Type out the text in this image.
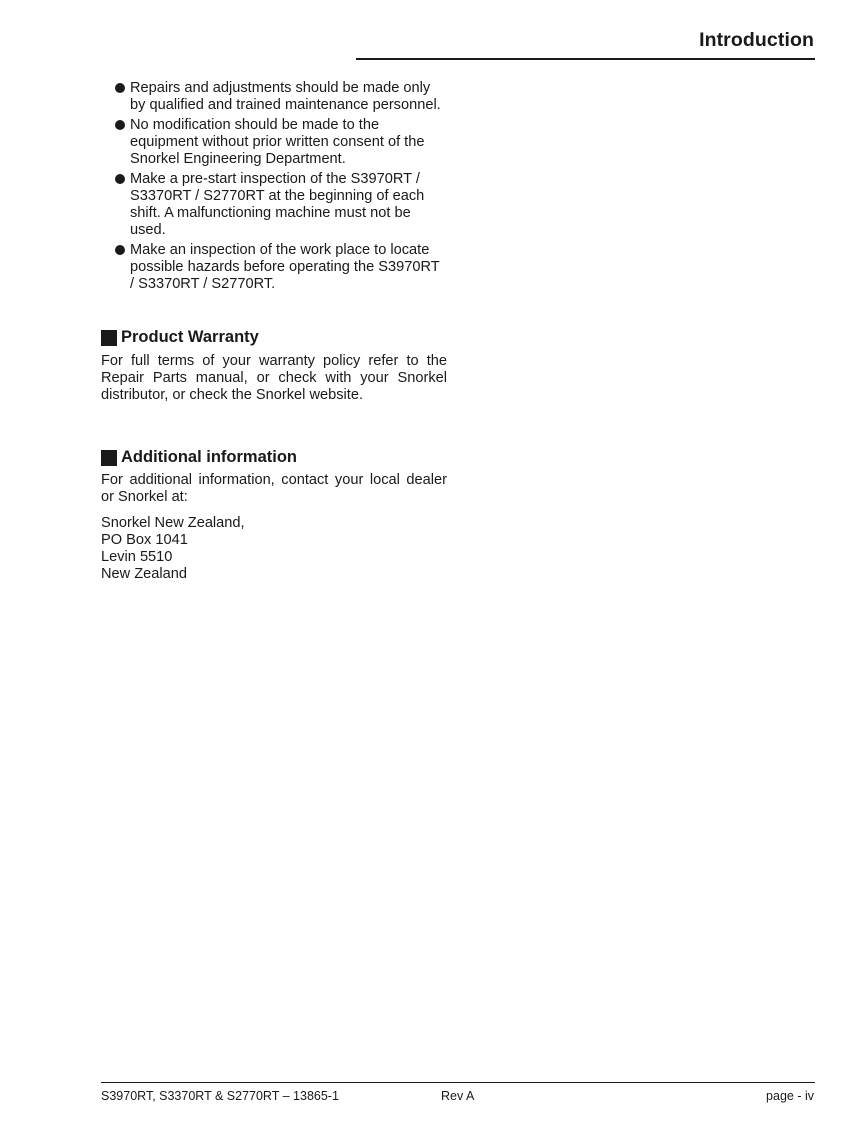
Introduction
Repairs and adjustments should be made only by qualified and trained maintenance personnel.
No modification should be made to the equipment without prior written consent of the Snorkel Engineering Department.
Make a pre-start inspection of the S3970RT / S3370RT / S2770RT at the beginning of each shift. A malfunctioning machine must not be used.
Make an inspection of the work place to locate possible hazards before operating the S3970RT / S3370RT / S2770RT.
Product Warranty

For full terms of your warranty policy refer to the Repair Parts manual, or check with your Snorkel distributor, or check the Snorkel website.

Additional information

For additional information, contact your local dealer or Snorkel at:

Snorkel New Zealand,
PO Box 1041
Levin 5510
New Zealand
S3970RT, S3370RT & S2770RT – 13865-1	Rev A	page - iv
